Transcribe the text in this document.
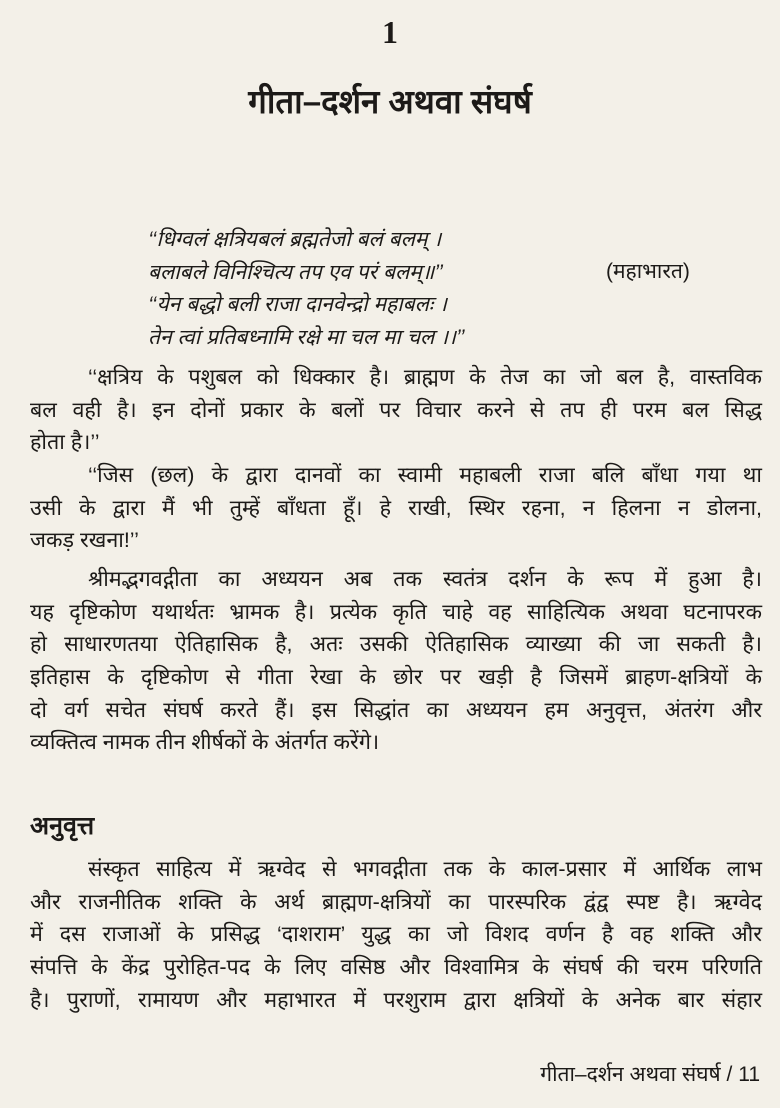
1
गीता–दर्शन अथवा संघर्ष
‘‘धिग्वलं क्षत्रियबलं ब्रह्मतेजो बलं बलम् ।
बलाबले विनिश्चित्य तप एव परं बलम्॥’’
‘‘येन बद्धो बली राजा दानवेन्द्रो महाबलः ।
तेन त्वां प्रतिबध्नामि रक्षे मा चल मा चल ।।’’
(महाभारत)
‘‘क्षत्रिय के पशुबल को धिक्कार है। ब्राह्मण के तेज का जो बल है, वास्तविक
बल वही है। इन दोनों प्रकार के बलों पर विचार करने से तप ही परम बल सिद्ध
होता है।’’
‘‘जिस (छल) के द्वारा दानवों का स्वामी महाबली राजा बलि बाँधा गया था
उसी के द्वारा मैं भी तुम्हें बाँधता हूँ। हे राखी, स्थिर रहना, न हिलना न डोलना,
जकड़ रखना!’’
श्रीमद्भगवद्गीता का अध्ययन अब तक स्वतंत्र दर्शन के रूप में हुआ है।
यह दृष्टिकोण यथार्थतः भ्रामक है। प्रत्येक कृति चाहे वह साहित्यिक अथवा घटनापरक
हो साधारणतया ऐतिहासिक है, अतः उसकी ऐतिहासिक व्याख्या की जा सकती है।
इतिहास के दृष्टिकोण से गीता रेखा के छोर पर खड़ी है जिसमें ब्राहण-क्षत्रियों के
दो वर्ग सचेत संघर्ष करते हैं। इस सिद्धांत का अध्ययन हम अनुवृत्त, अंतरंग और
व्यक्तित्व नामक तीन शीर्षकों के अंतर्गत करेंगे।
अनुवृत्त
संस्कृत साहित्य में ऋग्वेद से भगवद्गीता तक के काल-प्रसार में आर्थिक लाभ
और राजनीतिक शक्ति के अर्थ ब्राह्मण-क्षत्रियों का पारस्परिक द्वंद्व स्पष्ट है। ऋग्वेद
में दस राजाओं के प्रसिद्ध ‘दाशराम’ युद्ध का जो विशद वर्णन है वह शक्ति और
संपत्ति के केंद्र पुरोहित-पद के लिए वसिष्ठ और विश्वामित्र के संघर्ष की चरम परिणति
है। पुराणों, रामायण और महाभारत में परशुराम द्वारा क्षत्रियों के अनेक बार संहार
गीता–दर्शन अथवा संघर्ष / 11
